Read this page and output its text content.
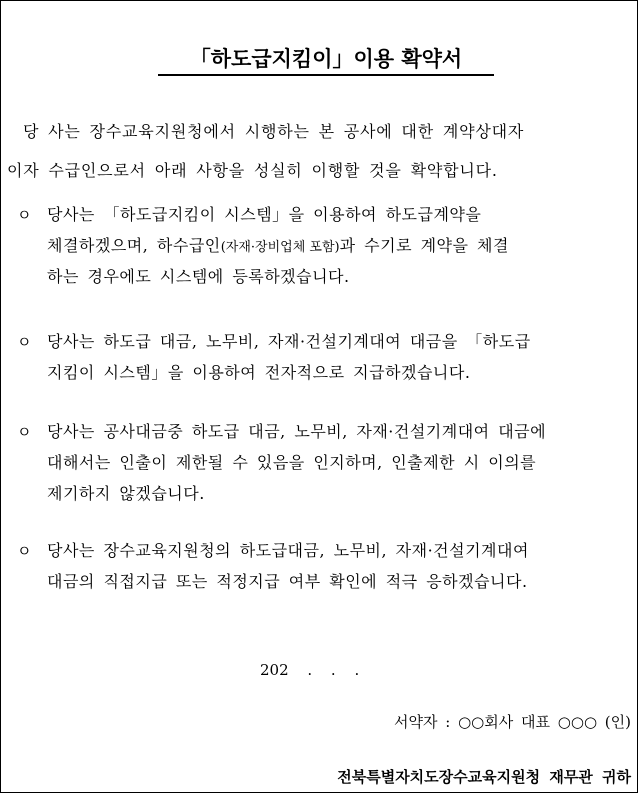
「하도급지킴이」이용 확약서
당 사는 장수교육지원청에서 시행하는 본 공사에 대한 계약상대자
이자 수급인으로서 아래 사항을 성실히 이행할 것을 확약합니다.
ㅇ 당사는 「하도급지킴이 시스템」을 이용하여 하도급계약을
체결하겠으며, 하수급인(자재·장비업체 포함)과 수기로 계약을 체결
하는 경우에도 시스템에 등록하겠습니다.
ㅇ 당사는 하도급 대금, 노무비, 자재·건설기계대여 대금을 「하도급
지킴이 시스템」을 이용하여 전자적으로 지급하겠습니다.
ㅇ 당사는 공사대금중 하도급 대금, 노무비, 자재·건설기계대여 대금에
대해서는 인출이 제한될 수 있음을 인지하며, 인출제한 시 이의를
제기하지 않겠습니다.
ㅇ 당사는 장수교육지원청의 하도급대금, 노무비, 자재·건설기계대여
대금의 직접지급 또는 적정지급 여부 확인에 적극 응하겠습니다.
202 . . .
서약자 : ○○회사 대표 ○○○ (인)
전북특별자치도장수교육지원청 재무관 귀하
